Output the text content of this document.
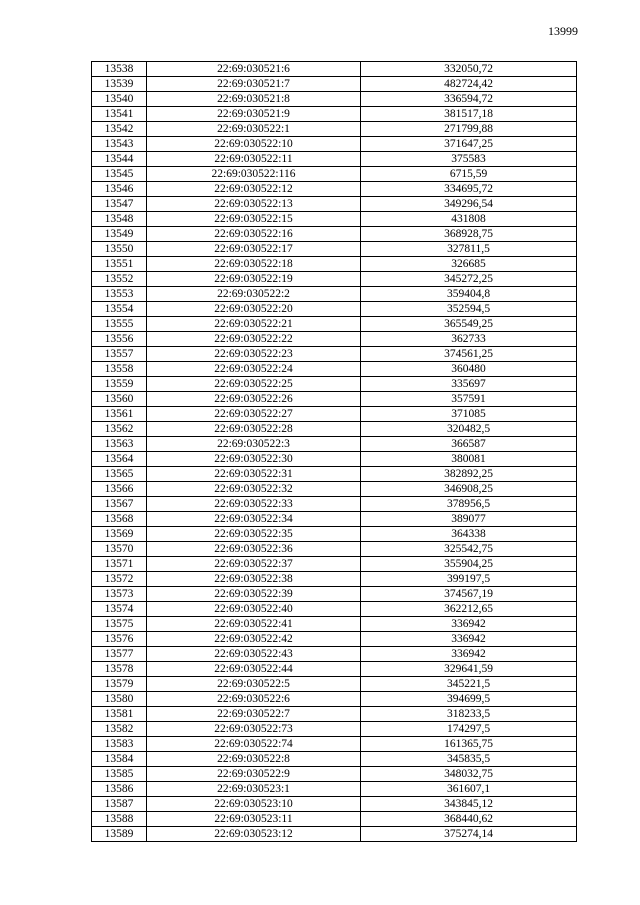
13999
13538	22:69:030521:6	332050,72
13539	22:69:030521:7	482724,42
13540	22:69:030521:8	336594,72
13541	22:69:030521:9	381517,18
13542	22:69:030522:1	271799,88
13543	22:69:030522:10	371647,25
13544	22:69:030522:11	375583
13545	22:69:030522:116	6715,59
13546	22:69:030522:12	334695,72
13547	22:69:030522:13	349296,54
13548	22:69:030522:15	431808
13549	22:69:030522:16	368928,75
13550	22:69:030522:17	327811,5
13551	22:69:030522:18	326685
13552	22:69:030522:19	345272,25
13553	22:69:030522:2	359404,8
13554	22:69:030522:20	352594,5
13555	22:69:030522:21	365549,25
13556	22:69:030522:22	362733
13557	22:69:030522:23	374561,25
13558	22:69:030522:24	360480
13559	22:69:030522:25	335697
13560	22:69:030522:26	357591
13561	22:69:030522:27	371085
13562	22:69:030522:28	320482,5
13563	22:69:030522:3	366587
13564	22:69:030522:30	380081
13565	22:69:030522:31	382892,25
13566	22:69:030522:32	346908,25
13567	22:69:030522:33	378956,5
13568	22:69:030522:34	389077
13569	22:69:030522:35	364338
13570	22:69:030522:36	325542,75
13571	22:69:030522:37	355904,25
13572	22:69:030522:38	399197,5
13573	22:69:030522:39	374567,19
13574	22:69:030522:40	362212,65
13575	22:69:030522:41	336942
13576	22:69:030522:42	336942
13577	22:69:030522:43	336942
13578	22:69:030522:44	329641,59
13579	22:69:030522:5	345221,5
13580	22:69:030522:6	394699,5
13581	22:69:030522:7	318233,5
13582	22:69:030522:73	174297,5
13583	22:69:030522:74	161365,75
13584	22:69:030522:8	345835,5
13585	22:69:030522:9	348032,75
13586	22:69:030523:1	361607,1
13587	22:69:030523:10	343845,12
13588	22:69:030523:11	368440,62
13589	22:69:030523:12	375274,14
